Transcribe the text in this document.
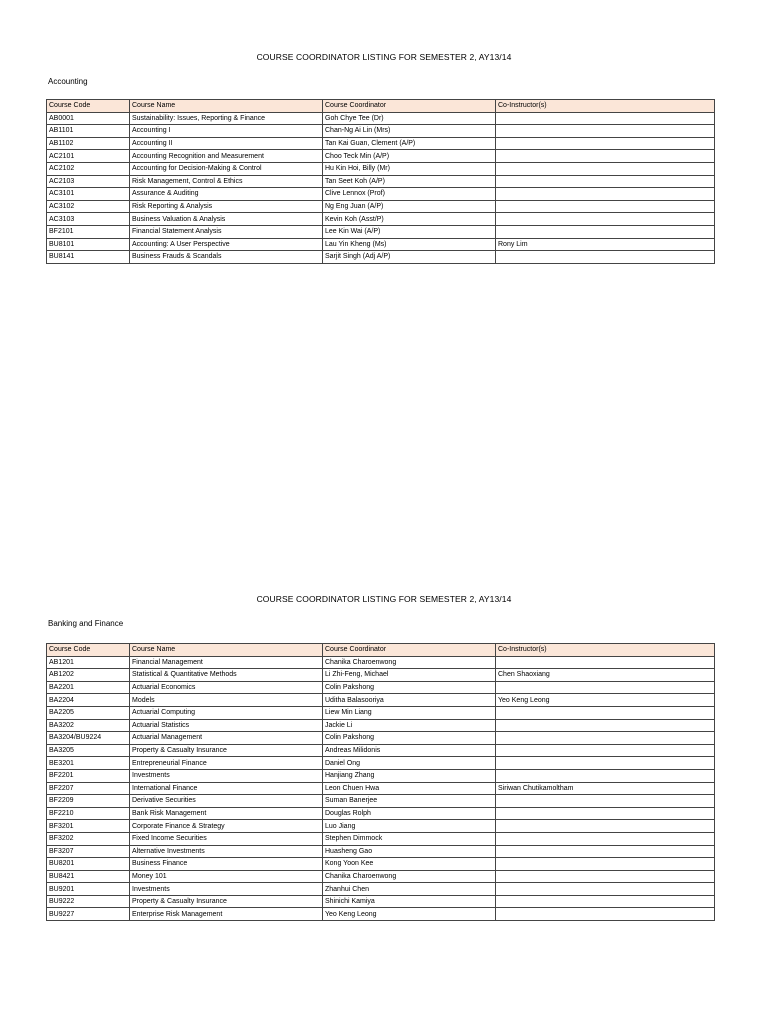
COURSE COORDINATOR LISTING FOR SEMESTER 2, AY13/14
Accounting
Course Code	Course Name	Course Coordinator	Co-Instructor(s)
AB0001	Sustainability: Issues, Reporting & Finance	Goh Chye Tee (Dr)	
AB1101	Accounting I	Chan-Ng Ai Lin (Mrs)	
AB1102	Accounting II	Tan Kai Guan, Clement (A/P)	
AC2101	Accounting Recognition and Measurement	Choo Teck Min (A/P)	
AC2102	Accounting for Decision-Making & Control	Hu Kin Hoi, Billy (Mr)	
AC2103	Risk Management, Control & Ethics	Tan Seet Koh (A/P)	
AC3101	Assurance & Auditing	Clive Lennox (Prof)	
AC3102	Risk Reporting & Analysis	Ng Eng Juan (A/P)	
AC3103	Business Valuation & Analysis	Kevin Koh (Asst/P)	
BF2101	Financial Statement Analysis	Lee Kin Wai (A/P)	
BU8101	Accounting: A User Perspective	Lau Yin Kheng (Ms)	Rony Lim
BU8141	Business Frauds & Scandals	Sarjit Singh (Adj A/P)	
COURSE COORDINATOR LISTING FOR SEMESTER 2, AY13/14
Banking and Finance
Course Code	Course Name	Course Coordinator	Co-Instructor(s)
AB1201	Financial Management	Chanika Charoenwong	
AB1202	Statistical & Quantitative Methods	Li Zhi-Feng, Michael	Chen Shaoxiang
BA2201	Actuarial Economics	Colin Pakshong	
BA2204	Models	Uditha Balasooriya	Yeo Keng Leong
BA2205	Actuarial Computing	Liew Min Liang	
BA3202	Actuarial Statistics	Jackie Li	
BA3204/BU9224	Actuarial Management	Colin Pakshong	
BA3205	Property & Casualty Insurance	Andreas Milidonis	
BE3201	Entrepreneurial Finance	Daniel Ong	
BF2201	Investments	Hanjiang Zhang	
BF2207	International Finance	Leon Chuen Hwa	Siriwan Chutikamoltham
BF2209	Derivative Securities	Suman Banerjee	
BF2210	Bank Risk Management	Douglas Rolph	
BF3201	Corporate Finance & Strategy	Luo Jiang	
BF3202	Fixed Income Securities	Stephen Dimmock	
BF3207	Alternative Investments	Huasheng Gao	
BU8201	Business Finance	Kong Yoon Kee	
BU8421	Money 101	Chanika Charoenwong	
BU9201	Investments	Zhanhui Chen	
BU9222	Property & Casualty Insurance	Shinichi Kamiya	
BU9227	Enterprise Risk Management	Yeo Keng Leong	
